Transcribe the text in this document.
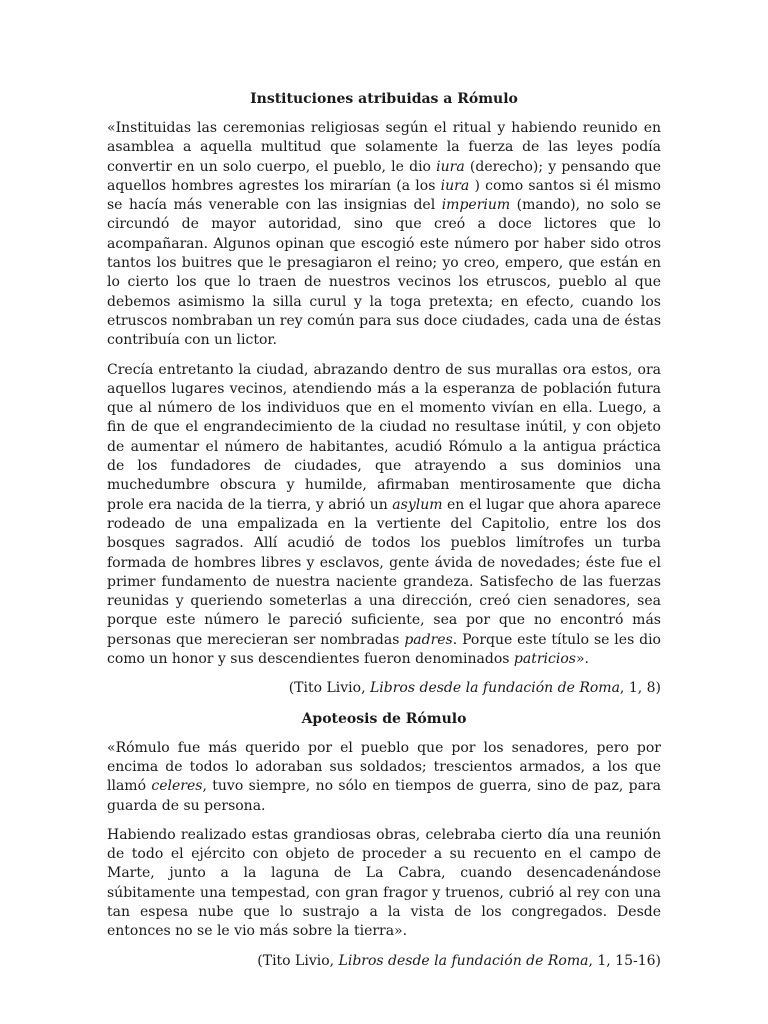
Instituciones atribuidas a Rómulo

«Instituidas las ceremonias religiosas según el ritual y habiendo reunido en asamblea a aquella multitud que solamente la fuerza de las leyes podía convertir en un solo cuerpo, el pueblo, le dio iura (derecho); y pensando que aquellos hombres agrestes los mirarían (a los iura ) como santos si él mismo se hacía más venerable con las insignias del imperium (mando), no solo se circundó de mayor autoridad, sino que creó a doce lictores que lo acompañaran. Algunos opinan que escogió este número por haber sido otros tantos los buitres que le presagiaron el reino; yo creo, empero, que están en lo cierto los que lo traen de nuestros vecinos los etruscos, pueblo al que debemos asimismo la silla curul y la toga pretexta; en efecto, cuando los etruscos nombraban un rey común para sus doce ciudades, cada una de éstas contribuía con un lictor.

Crecía entretanto la ciudad, abrazando dentro de sus murallas ora estos, ora aquellos lugares vecinos, atendiendo más a la esperanza de población futura que al número de los individuos que en el momento vivían en ella. Luego, a fin de que el engrandecimiento de la ciudad no resultase inútil, y con objeto de aumentar el número de habitantes, acudió Rómulo a la antigua práctica de los fundadores de ciudades, que atrayendo a sus dominios una muchedumbre obscura y humilde, afirmaban mentirosamente que dicha prole era nacida de la tierra, y abrió un asylum en el lugar que ahora aparece rodeado de una empalizada en la vertiente del Capitolio, entre los dos bosques sagrados. Allí acudió de todos los pueblos limítrofes un turba formada de hombres libres y esclavos, gente ávida de novedades; éste fue el primer fundamento de nuestra naciente grandeza. Satisfecho de las fuerzas reunidas y queriendo someterlas a una dirección, creó cien senadores, sea porque este número le pareció suficiente, sea por que no encontró más personas que merecieran ser nombradas padres. Porque este título se les dio como un honor y sus descendientes fueron denominados patricios».

(Tito Livio, Libros desde la fundación de Roma, 1, 8)

Apoteosis de Rómulo

«Rómulo fue más querido por el pueblo que por los senadores, pero por encima de todos lo adoraban sus soldados; trescientos armados, a los que llamó celeres, tuvo siempre, no sólo en tiempos de guerra, sino de paz, para guarda de su persona.

Habiendo realizado estas grandiosas obras, celebraba cierto día una reunión de todo el ejército con objeto de proceder a su recuento en el campo de Marte, junto a la laguna de La Cabra, cuando desencadenándose súbitamente una tempestad, con gran fragor y truenos, cubrió al rey con una tan espesa nube que lo sustrajo a la vista de los congregados. Desde entonces no se le vio más sobre la tierra».

(Tito Livio, Libros desde la fundación de Roma, 1, 15-16)
